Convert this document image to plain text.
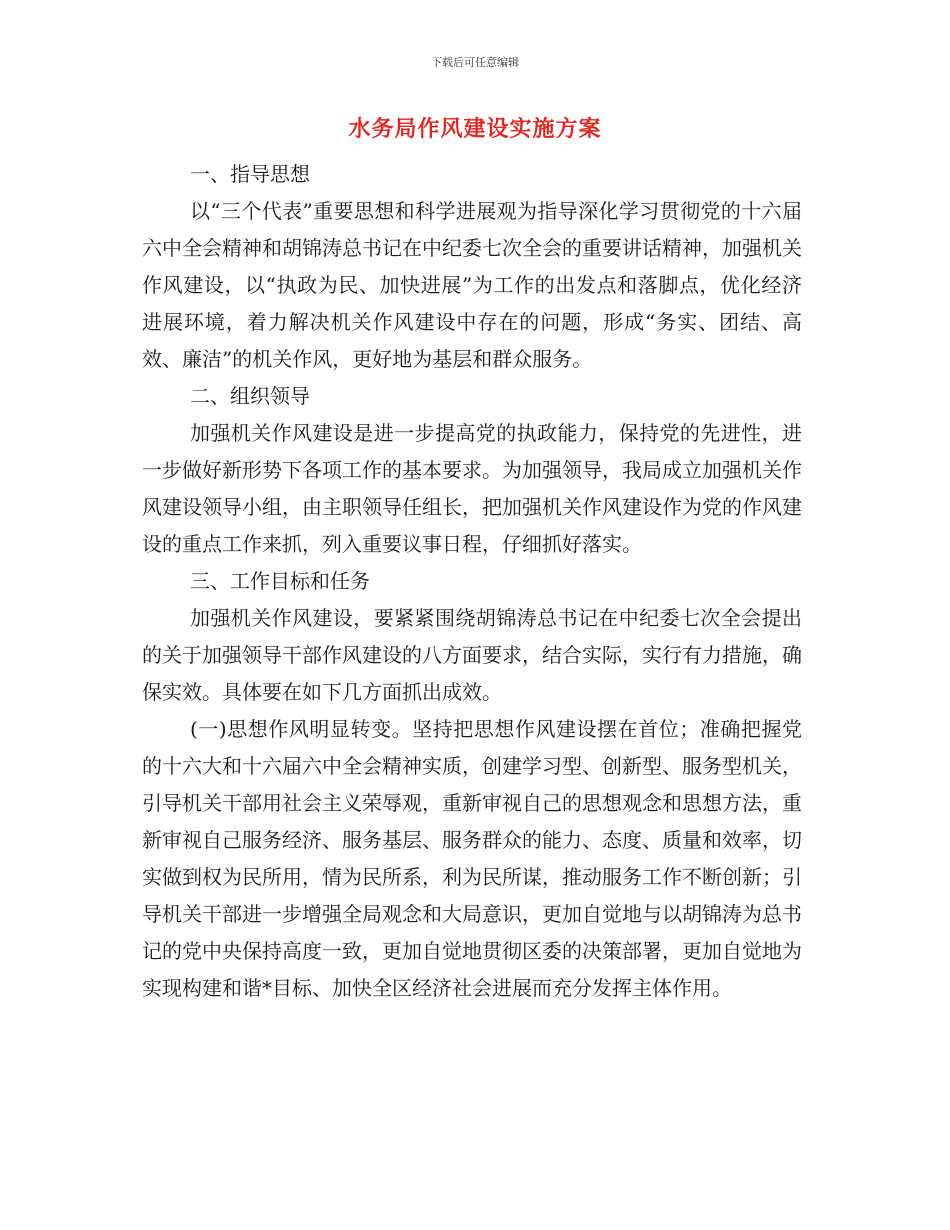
下载后可任意编辑
水务局作风建设实施方案

一、指导思想

以“三个代表”重要思想和科学进展观为指导深化学习贯彻党的十六届六中全会精神和胡锦涛总书记在中纪委七次全会的重要讲话精神，加强机关作风建设，以“执政为民、加快进展”为工作的出发点和落脚点，优化经济进展环境，着力解决机关作风建设中存在的问题，形成“务实、团结、高效、廉洁”的机关作风，更好地为基层和群众服务。

二、组织领导

加强机关作风建设是进一步提高党的执政能力，保持党的先进性，进一步做好新形势下各项工作的基本要求。为加强领导，我局成立加强机关作风建设领导小组，由主职领导任组长，把加强机关作风建设作为党的作风建设的重点工作来抓，列入重要议事日程，仔细抓好落实。

三、工作目标和任务

加强机关作风建设，要紧紧围绕胡锦涛总书记在中纪委七次全会提出的关于加强领导干部作风建设的八方面要求，结合实际，实行有力措施，确保实效。具体要在如下几方面抓出成效。

(一)思想作风明显转变。坚持把思想作风建设摆在首位；准确把握党的十六大和十六届六中全会精神实质，创建学习型、创新型、服务型机关，引导机关干部用社会主义荣辱观，重新审视自己的思想观念和思想方法，重新审视自己服务经济、服务基层、服务群众的能力、态度、质量和效率，切实做到权为民所用，情为民所系，利为民所谋，推动服务工作不断创新；引导机关干部进一步增强全局观念和大局意识，更加自觉地与以胡锦涛为总书记的党中央保持高度一致，更加自觉地贯彻区委的决策部署，更加自觉地为实现构建和谐*目标、加快全区经济社会进展而充分发挥主体作用。
